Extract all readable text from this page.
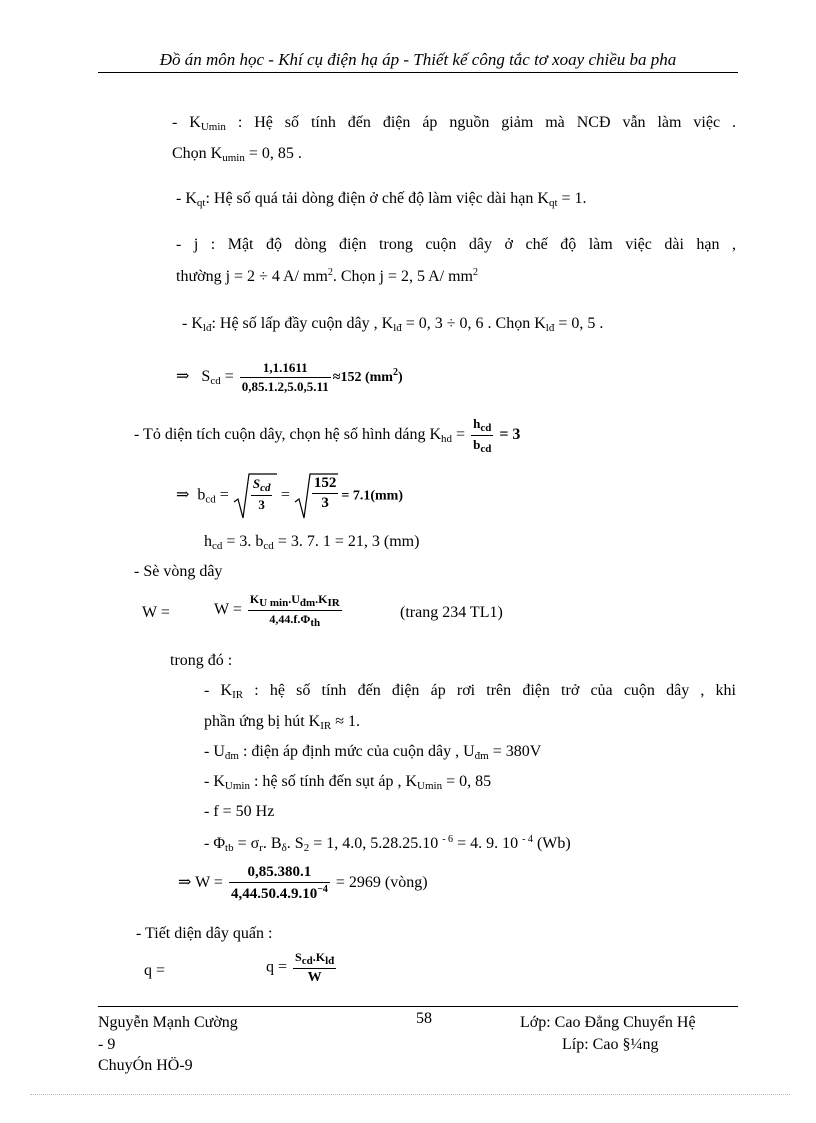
Đồ án môn học - Khí cụ điện hạ áp - Thiết kế công tắc tơ xoay chiều ba pha
- $K_{Umin}$ : Hệ số tính đến điện áp nguồn giảm mà NCĐ vẫn làm việc .
Chọn $K_{umin} = 0$, 85 .
- $K_{qt}$: Hệ số quá tải dòng điện ở chế độ làm việc dài hạn $K_{qt} = 1$.
- j : Mật độ dòng điện trong cuộn dây ở chế độ làm việc dài hạn ,
thường j = 2 ÷ 4 A/ $mm^2$. Chọn j = 2, 5 A/ $mm^2$
- $K_{lđ}$: Hệ số lấp đầy cuộn dây , $K_{lđ} = 0$, 3 ÷ 0, 6 . Chọn $K_{lđ} = 0$, 5 .
⇒ $S_{cd} = \frac{1,1.1611}{0,85.1.2,5.0,5.11} \approx 152$ $(mm^2)$
- Tỏ diện tích cuộn dây, chọn hệ số hình dáng $K_{hd} = \frac{h_{cd}}{b_{cd}} = 3$
⇒ $b_{cd}$ =
$S_{cd}$
3
= $\frac{152}{3} = 7.1(mm)$
$h_{cd} = 3$. $b_{cd} = 3$. 7. 1 = 21, 3 (mm)
- Sè vòng dây
W =	$W = \frac{K_{U min}.U_{đm}.K_{IR}}{4,44.f.\Phi_{th}}$	(trang 234 TL1)
trong đó :
- $K_{IR}$ : hệ số tính đến điện áp rơi trên điện trở của cuộn dây , khi
phần ứng bị hút $K_{IR} \approx 1$.
- $U_{đm}$ : điện áp định mức của cuộn dây , $U_{đm} = 380V$
- $K_{Umin}$ : hệ số tính đến sụt áp , $K_{Umin} = 0$, 85
- f = 50 Hz
- $\Phi_{tb} = \sigma_r$. $B_\delta$. $S_2 = 1$, 4.0, 5.28.25.10 $^{- 6}$ = 4. 9. 10 $^{- 4}$ (Wb)
⇒ $W = \frac{0,85.380.1}{4,44.50.4.9.10^{-4}} = 2969$ (vòng)
- Tiết diện dây quấn :
q =	$q = \frac{S_{cd}.K_{lđ}}{W}$
Nguyễn Mạnh Cường
- 9
ChuyÓn HÖ-9
58	Lớp: Cao Đẳng Chuyển Hệ
Líp: Cao §¼ng
